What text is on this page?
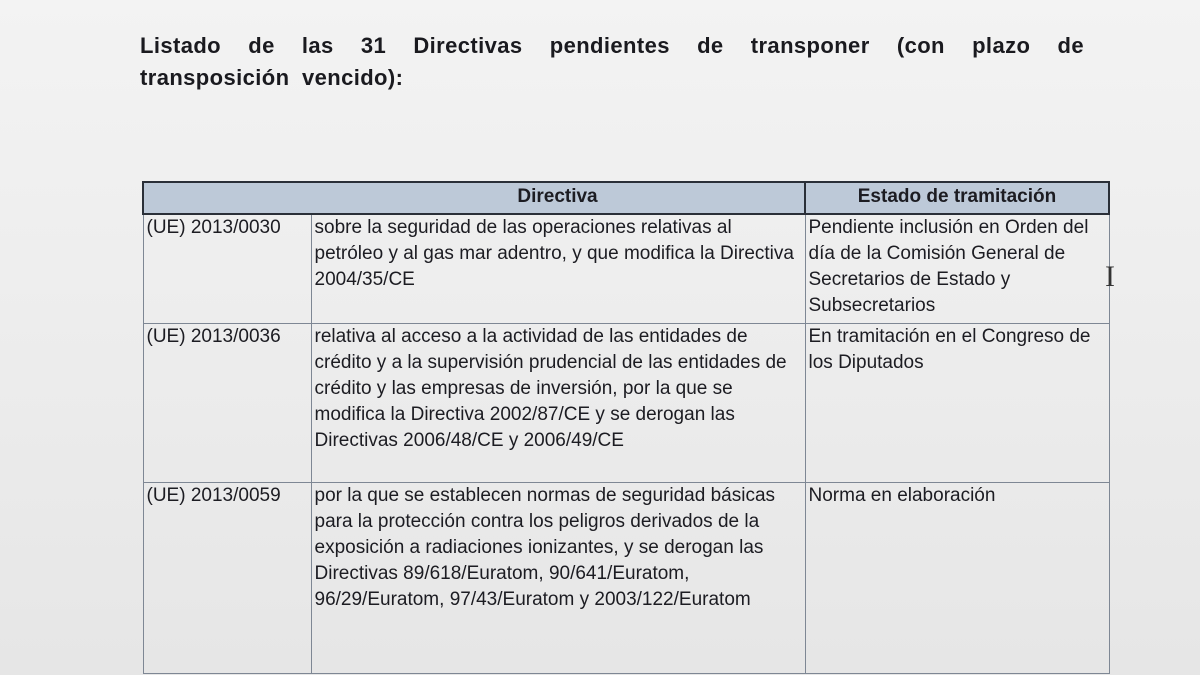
Listado de las 31 Directivas pendientes de transponer (con plazo de transposición vencido):

	Directiva	Estado de tramitación
(UE) 2013/0030	sobre la seguridad de las operaciones relativas al petróleo y al gas mar adentro, y que modifica la Directiva 2004/35/CE	Pendiente inclusión en Orden del día de la Comisión General de Secretarios de Estado y Subsecretarios
(UE) 2013/0036	relativa al acceso a la actividad de las entidades de crédito y a la supervisión prudencial de las entidades de crédito y las empresas de inversión, por la que se modifica la Directiva 2002/87/CE y se derogan las Directivas 2006/48/CE y 2006/49/CE	En tramitación en el Congreso de los Diputados
(UE) 2013/0059	por la que se establecen normas de seguridad básicas para la protección contra los peligros derivados de la exposición a radiaciones ionizantes, y se derogan las Directivas 89/618/Euratom, 90/641/Euratom, 96/29/Euratom, 97/43/Euratom y 2003/122/Euratom	Norma en elaboración
I
